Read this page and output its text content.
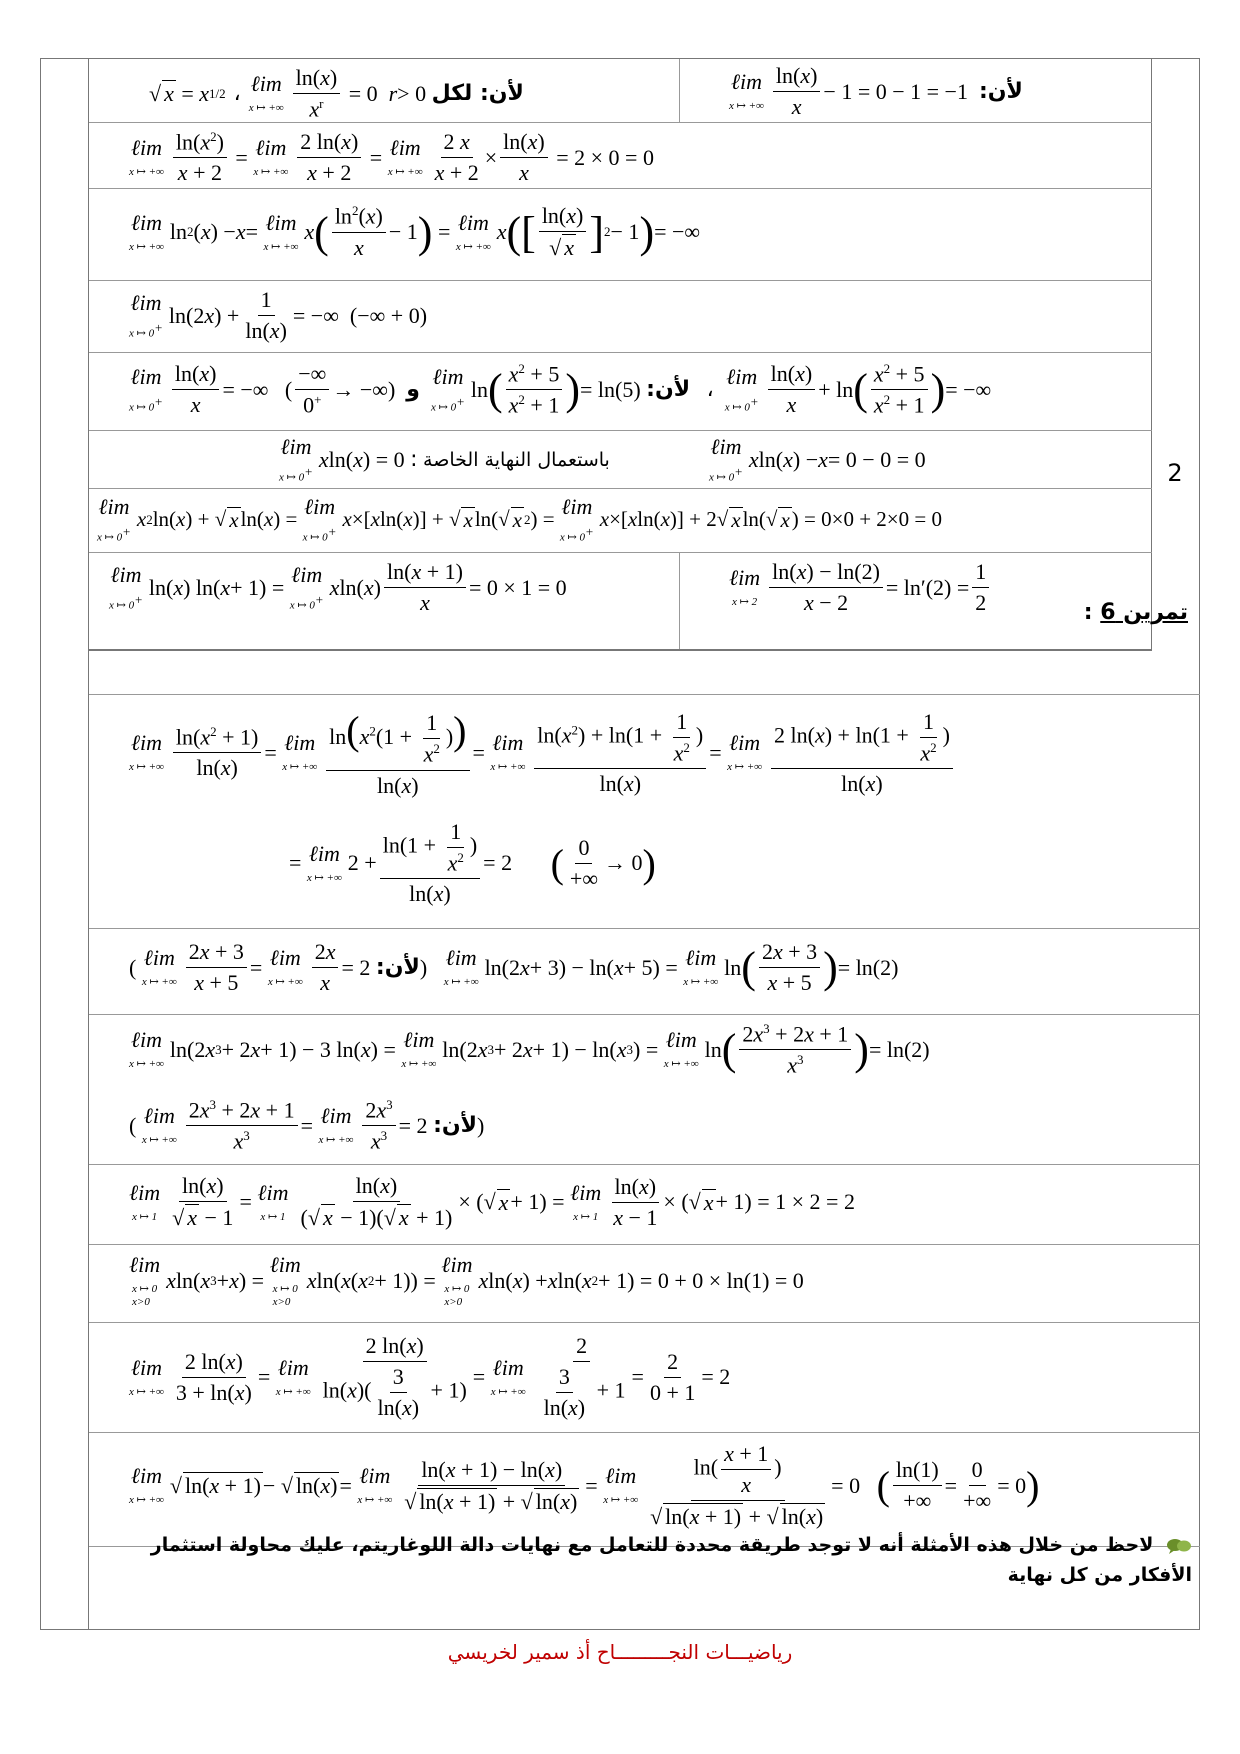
2
√ x = x 1/2 ، ℓim
x ↦ +∞ $\frac{\ln(x)}{x^r} = 0$ r > 0 لكل : لأن	ℓim
x ↦ +∞ $\frac{\ln(x)}{x} - 1 = 0 - 1 = -1$ : لأن
ℓim
x ↦ +∞ $\frac{\ln(x^2)}{x + 2}$ = ℓim
x ↦ +∞ $\frac{2 \ln(x)}{x + 2}$ = ℓim
x ↦ +∞ $\frac{2 x}{x + 2} \times \frac{\ln(x)}{x} = 2 \times 0 = 0$
ℓim
x ↦ +∞
ln 2 ( x ) − x = ℓim
x ↦ +∞
x ( $\frac{\ln^2(x)}{x} - 1$ ) = ℓim
x ↦ +∞
x ( [ $\frac{\ln(x)}{√ x}$ ] 2 − 1 ) = −∞
ℓim
x ↦ 0+ ln(2 x ) + $\frac{1}{\ln(x)}$ = −∞  (−∞ + 0)
ℓim
x ↦ $0^+ \frac{\ln(x)}{x}$ = −∞   ( $\frac{-\infty}{0^+}$ → −∞) و

ℓim
x ↦ 0+ ln ( $\frac{x^2 + 5}{x^2 + 1}$ ) = ln(5) : لأن
،

ℓim
x ↦ $0^+ \frac{\ln(x)}{x} + \ln$ ( $\frac{x^2 + 5}{x^2 + 1}$ ) = −∞
ℓim
x ↦ 0+ x ln( x ) = 0 :
باستعمال النهاية الخاصة
ℓim
x ↦ 0+ x ln( x ) − x = 0 − 0 = 0
ℓim
x ↦ 0+
x 2 ln( x ) + √ x ln( x ) =
ℓim
x ↦ 0+
x ×[ x ln( x )] + √ x ln(√ x 2 ) =
ℓim
x ↦ 0+
x ×[ x ln( x )] + 2√ x ln(√ x ) = 0×0 + 2×0 = 0
ℓim
x ↦ 0+ ln( x ) ln( x + 1) =
ℓim
x ↦ 0+ x ln( x ) $\frac{\ln(x + 1)}{x} = 0 \times 1 = 0$	ℓim
x ↦ $2 \frac{\ln(x) - \ln(2)}{x - 2} = \ln'(2) = \frac{1}{2}$
ℓim
x ↦ +∞ $\frac{\ln(x^2 + 1)}{\ln(x)}$ = ℓim
x ↦ +∞ $\frac{\ln(x^2(1 + \frac{1}{x^2} ))}{\ln(x)}$ = ℓim
x ↦ +∞ $\frac{\ln(x^2) + \ln(1 + \frac{1}{x^2} )}{\ln(x)}$ = ℓim
x ↦ +∞ $\frac{2 \ln(x) + \ln(1 + \frac{1}{x^2} )}{\ln(x)}$
= ℓim
x ↦ +∞
$2 + \frac{\ln(1 + \frac{1}{x^2} )}{\ln(x)} = 2$ ( $\frac{0}{+\infty} \to 0$ )
( ℓim
x ↦ +∞ $\frac{2x + 3}{x + 5}$ = ℓim
x ↦ +∞ $\frac{2x}{x} = 2$ : لأن ) ℓim
x ↦ +∞
ln(2 x + 3) − ln( x + 5) = ℓim
x ↦ +∞
ln ( $\frac{2x + 3}{x + 5}$ ) = ln(2)
ℓim
x ↦ +∞
ln(2 x 3 + 2 x + 1) − 3 ln( x ) = ℓim
x ↦ +∞
ln(2 x 3 + 2 x + 1) − ln( x 3 ) = ℓim
x ↦ +∞
ln ( $\frac{2x^3 + 2x + 1}{x^3}$ ) = ln(2)
( ℓim
x ↦ +∞ $\frac{2x^3 + 2x + 1}{x^3}$ = ℓim
x ↦ +∞ $\frac{2x^3}{x^3} = 2$ : لأن )
ℓim
x ↦ $1 \frac{\ln(x)}{√ x - 1}$ = ℓim
x ↦ $1 \frac{\ln(x)}{(√ x - 1)(√ x + 1)}$ × (√ x + 1) = ℓim
x ↦ $1 \frac{\ln(x)}{x - 1}$ × (√ x + 1) = 1 × 2 = 2
ℓim
x ↦ 0
x>0
x ln( x 3 + x ) =
ℓim
x ↦ 0
x>0
x ln( x ( x 2 + 1)) =
ℓim
x ↦ 0
x>0
x ln( x ) + x ln( x 2 + 1) = 0 + 0 × ln(1) = 0
ℓim
x ↦ +∞ $\frac{2 \ln(x)}{3 + \ln(x)}$ = ℓim
x ↦ +∞ $\frac{2 \ln(x)}{\ln(x)( \frac{3}{\ln(x)} + 1)}$ = ℓim
x ↦ +∞ $\frac{2}{\frac{3}{\ln(x)} + 1} = \frac{2}{0 + 1} = 2$
ℓim
x ↦ +∞
√ ln(x + 1) − √ ln(x) = ℓim
x ↦ +∞ $\frac{\ln(x + 1) - \ln(x)}{√ \ln(x + 1) + √ \ln(x)}$ = ℓim
x ↦ +∞ $\frac{\ln( \frac{x + 1}{x} )}{√ \ln(x + 1) + √ \ln(x)} = 0$ ( $\frac{\ln(1)}{+\infty} = \frac{0}{+\infty} = 0$ )
تمرين 6 :
لاحظ من خلال هذه الأمثلة أنه لا توجد طريقة محددة للتعامل مع نهايات دالة اللوغاريتم، عليك محاولة استثمار الأفكار من كل نهاية
رياضيـــات النجـــــــــاح أذ سمير لخريسي
